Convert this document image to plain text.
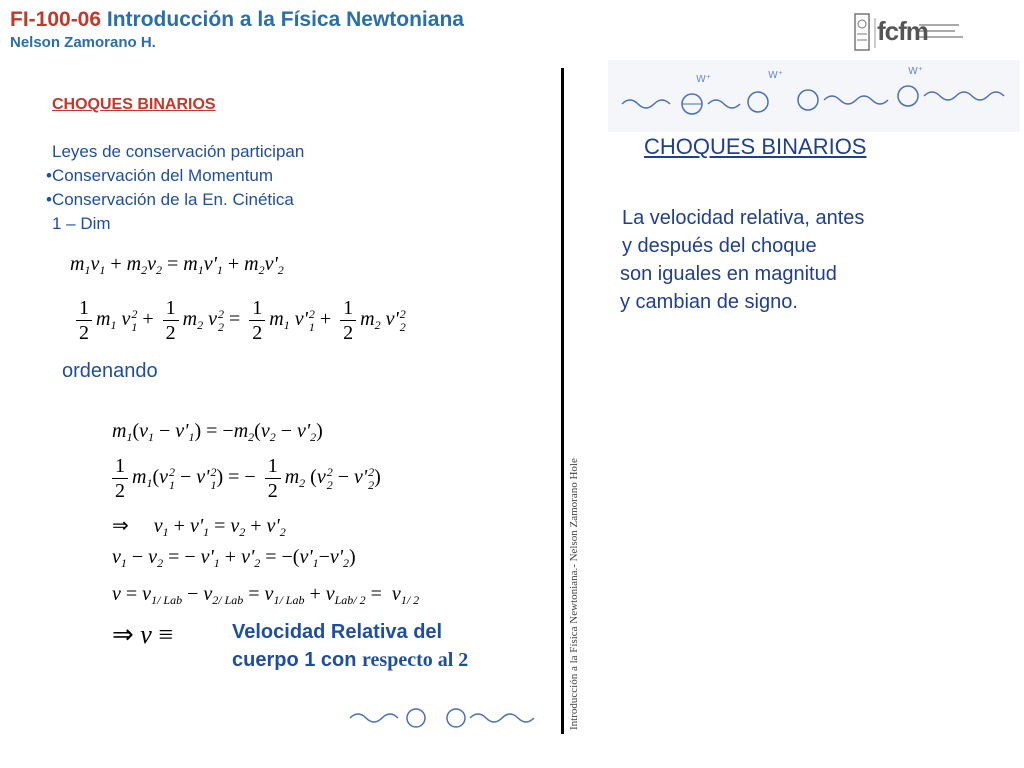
FI-100-06 Introducción a la Física Newtoniana
Nelson Zamorano H.	fcfm
CHOQUES BINARIOS
Leyes de conservación participan
•Conservación del Momentum
•Conservación de la En. Cinética
1 – Dim
$m_1v_1 + m_2v_2 = m_1v'_1 + m_2v'_2$
$\frac{1}{2} m_1$ v 2
$1 + \frac{1}{2} m_2$ v 2
$2 = \frac{1}{2} m_1$ v' 2
$1 + \frac{1}{2} m_2$ v' 2
2
ordenando
$m_1(v_1 - v'_1) = -m_2(v_2 - v'_2)$
$\frac{1}{2} m_1(v$ 2
1 − v' 2
1 ) = − $\frac{1}{2} m_2$ (v 2
2 − v' 2
2 )
⇒     $v_1 + v'_1 = v_2 + v'_2$
$v_1 - v_2$ = − $v'_1 + v'_2 = -(v'_1-v'_2)$
$v = v_{1/ Lab} - v_{2/ Lab} = v_{1/ Lab} + v_{Lab/ 2} = v_{1/ 2}$
⇒ v ≡	Velocidad Relativa del
cuerpo 1 con respecto al 2	Introducción a la Física Newtoniana.- Nelson Zamorano Hole
W⁺	W⁺	W⁺
CHOQUES BINARIOS
La velocidad relativa, antes
y después del choque
son iguales en magnitud
y cambian de signo.
